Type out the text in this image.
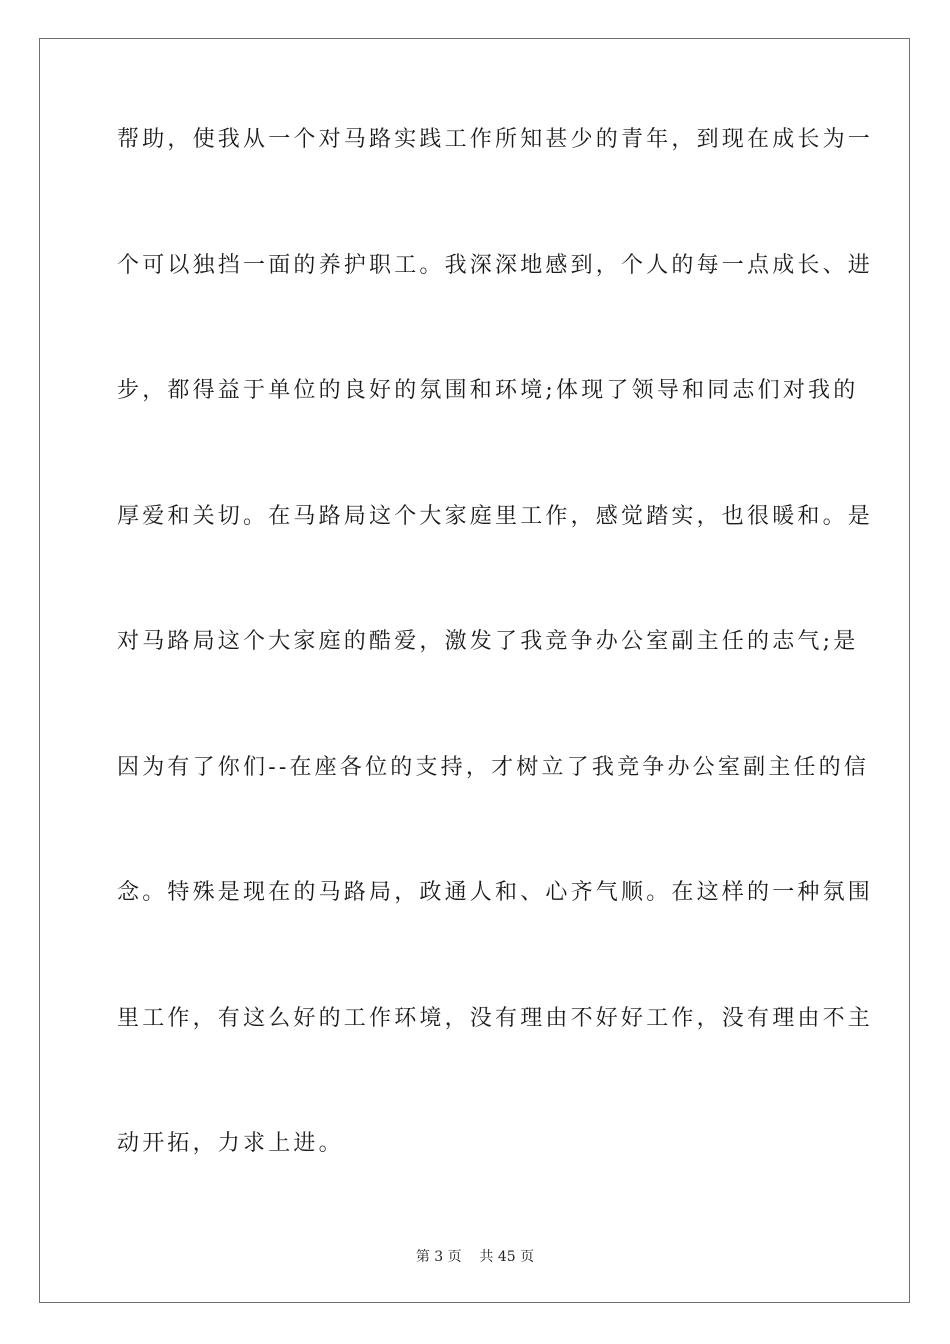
帮助，使我从一个对马路实践工作所知甚少的青年，到现在成长为一
个可以独挡一面的养护职工。我深深地感到，个人的每一点成长、进
步，都得益于单位的良好的氛围和环境;体现了领导和同志们对我的
厚爱和关切。在马路局这个大家庭里工作，感觉踏实，也很暖和。是
对马路局这个大家庭的酷爱，激发了我竞争办公室副主任的志气;是
因为有了你们--在座各位的支持，才树立了我竞争办公室副主任的信
念。特殊是现在的马路局，政通人和、心齐气顺。在这样的一种氛围
里工作，有这么好的工作环境，没有理由不好好工作，没有理由不主
动开拓，力求上进。
第 3 页    共 45 页
